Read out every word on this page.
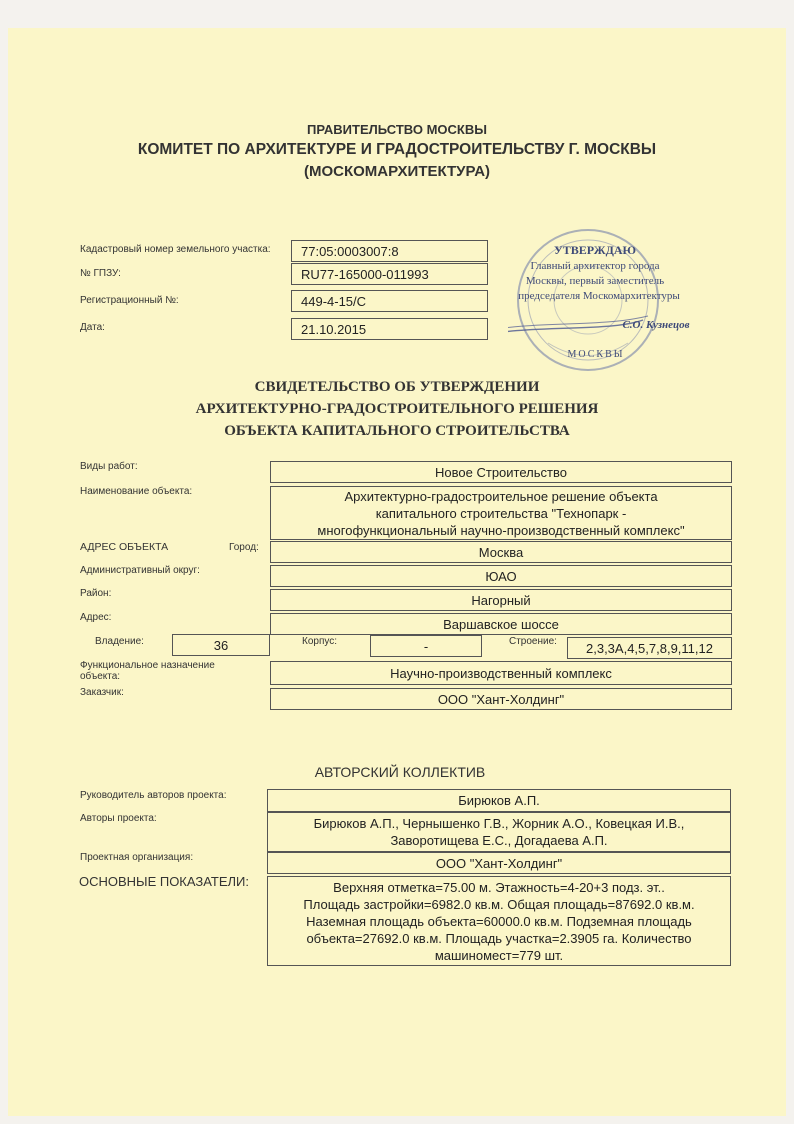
ПРАВИТЕЛЬСТВО МОСКВЫ
КОМИТЕТ ПО АРХИТЕКТУРЕ И ГРАДОСТРОИТЕЛЬСТВУ Г. МОСКВЫ
(МОСКОМАРХИТЕКТУРА)
Кадастровый номер земельного участка:	77:05:0003007:8
№ ГПЗУ:	RU77-165000-011993
Регистрационный №:	449-4-15/С
Дата:	21.10.2015
МОСКВЫ
УТВЕРЖДАЮ
Главный архитектор города
Москвы, первый заместитель
председателя Москомархитектуры
С.О. Кузнецов
СВИДЕТЕЛЬСТВО ОБ УТВЕРЖДЕНИИ
АРХИТЕКТУРНО-ГРАДОСТРОИТЕЛЬНОГО РЕШЕНИЯ
ОБЪЕКТА КАПИТАЛЬНОГО СТРОИТЕЛЬСТВА
Виды работ:	Новое Строительство
Наименование объекта:	Архитектурно-градостроительное решение объекта
капитального строительства "Технопарк -
многофункциональный научно-производственный комплекс"
АДРЕС ОБЪЕКТА	Город:	Москва
Административный округ:	ЮАО
Район:	Нагорный
Адрес:	Варшавское шоссе
Владение:	36	Корпус:	-	Строение:	2,3,3А,4,5,7,8,9,11,12
Функциональное назначение
объекта:	Научно-производственный комплекс
Заказчик:	ООО "Хант-Холдинг"
АВТОРСКИЙ КОЛЛЕКТИВ
Руководитель авторов проекта:	Бирюков А.П.
Авторы проекта:	Бирюков А.П., Чернышенко Г.В., Жорник А.О., Ковецкая И.В.,
Заворотищева Е.С., Догадаева А.П.
Проектная организация:	ООО "Хант-Холдинг"
ОСНОВНЫЕ ПОКАЗАТЕЛИ:	Верхняя отметка=75.00 м. Этажность=4-20+3 подз. эт..
Площадь застройки=6982.0 кв.м. Общая площадь=87692.0 кв.м.
Наземная площадь объекта=60000.0 кв.м. Подземная площадь
объекта=27692.0 кв.м. Площадь участка=2.3905 га. Количество
машиномест=779 шт.
